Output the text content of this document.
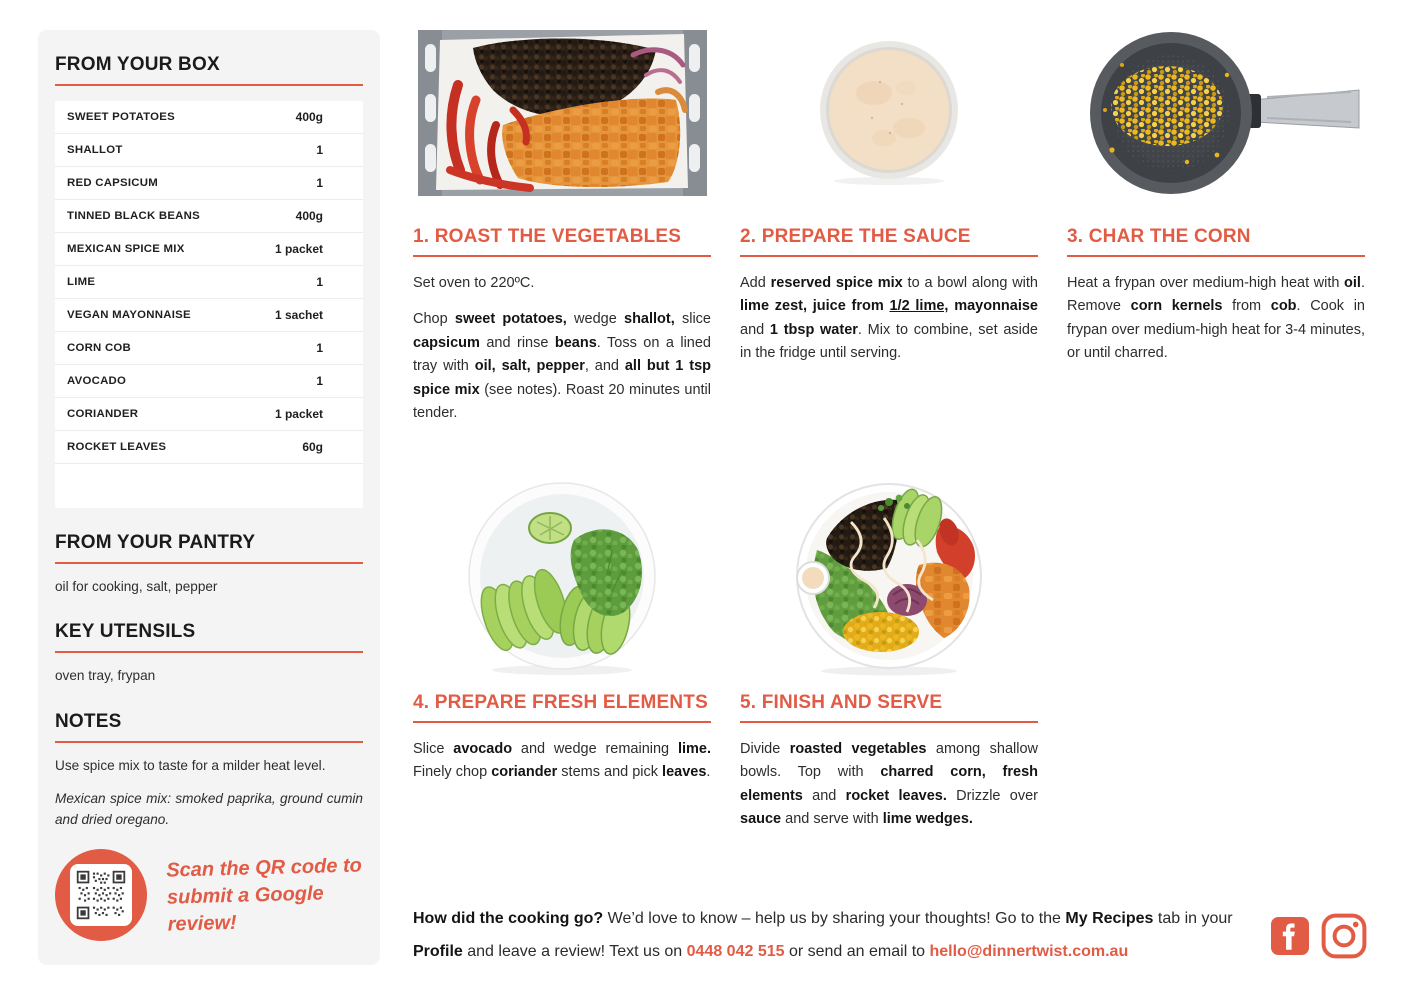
FROM YOUR BOX
SWEET POTATOES	400g
SHALLOT	1
RED CAPSICUM	1
TINNED BLACK BEANS	400g
MEXICAN SPICE MIX	1 packet
LIME	1
VEGAN MAYONNAISE	1 sachet
CORN COB	1
AVOCADO	1
CORIANDER	1 packet
ROCKET LEAVES	60g
FROM YOUR PANTRY

oil for cooking, salt, pepper

KEY UTENSILS

oven tray, frypan

NOTES

Use spice mix to taste for a milder heat level.

Mexican spice mix: smoked paprika, ground cumin and dried oregano.

Scan the QR code to submit a Google review!
1. ROAST THE VEGETABLES

Set oven to 220ºC.

Chop sweet potatoes, wedge shallot, slice capsicum and rinse beans. Toss on a lined tray with oil, salt, pepper, and all but 1 tsp spice mix (see notes). Roast 20 minutes until tender.

2. PREPARE THE SAUCE

Add reserved spice mix to a bowl along with lime zest, juice from 1/2 lime, mayonnaise and 1 tbsp water. Mix to combine, set aside in the fridge until serving.

3. CHAR THE CORN

Heat a frypan over medium-high heat with oil. Remove corn kernels from cob. Cook in frypan over medium-high heat for 3-4 minutes, or until charred.

4. PREPARE FRESH ELEMENTS

Slice avocado and wedge remaining lime. Finely chop coriander stems and pick leaves.

5. FINISH AND SERVE

Divide roasted vegetables among shallow bowls. Top with charred corn, fresh elements and rocket leaves. Drizzle over sauce and serve with lime wedges.

How did the cooking go? We’d love to know – help us by sharing your thoughts! Go to the My Recipes tab in your Profile and leave a review! Text us on 0448 042 515 or send an email to hello@dinnertwist.com.au
